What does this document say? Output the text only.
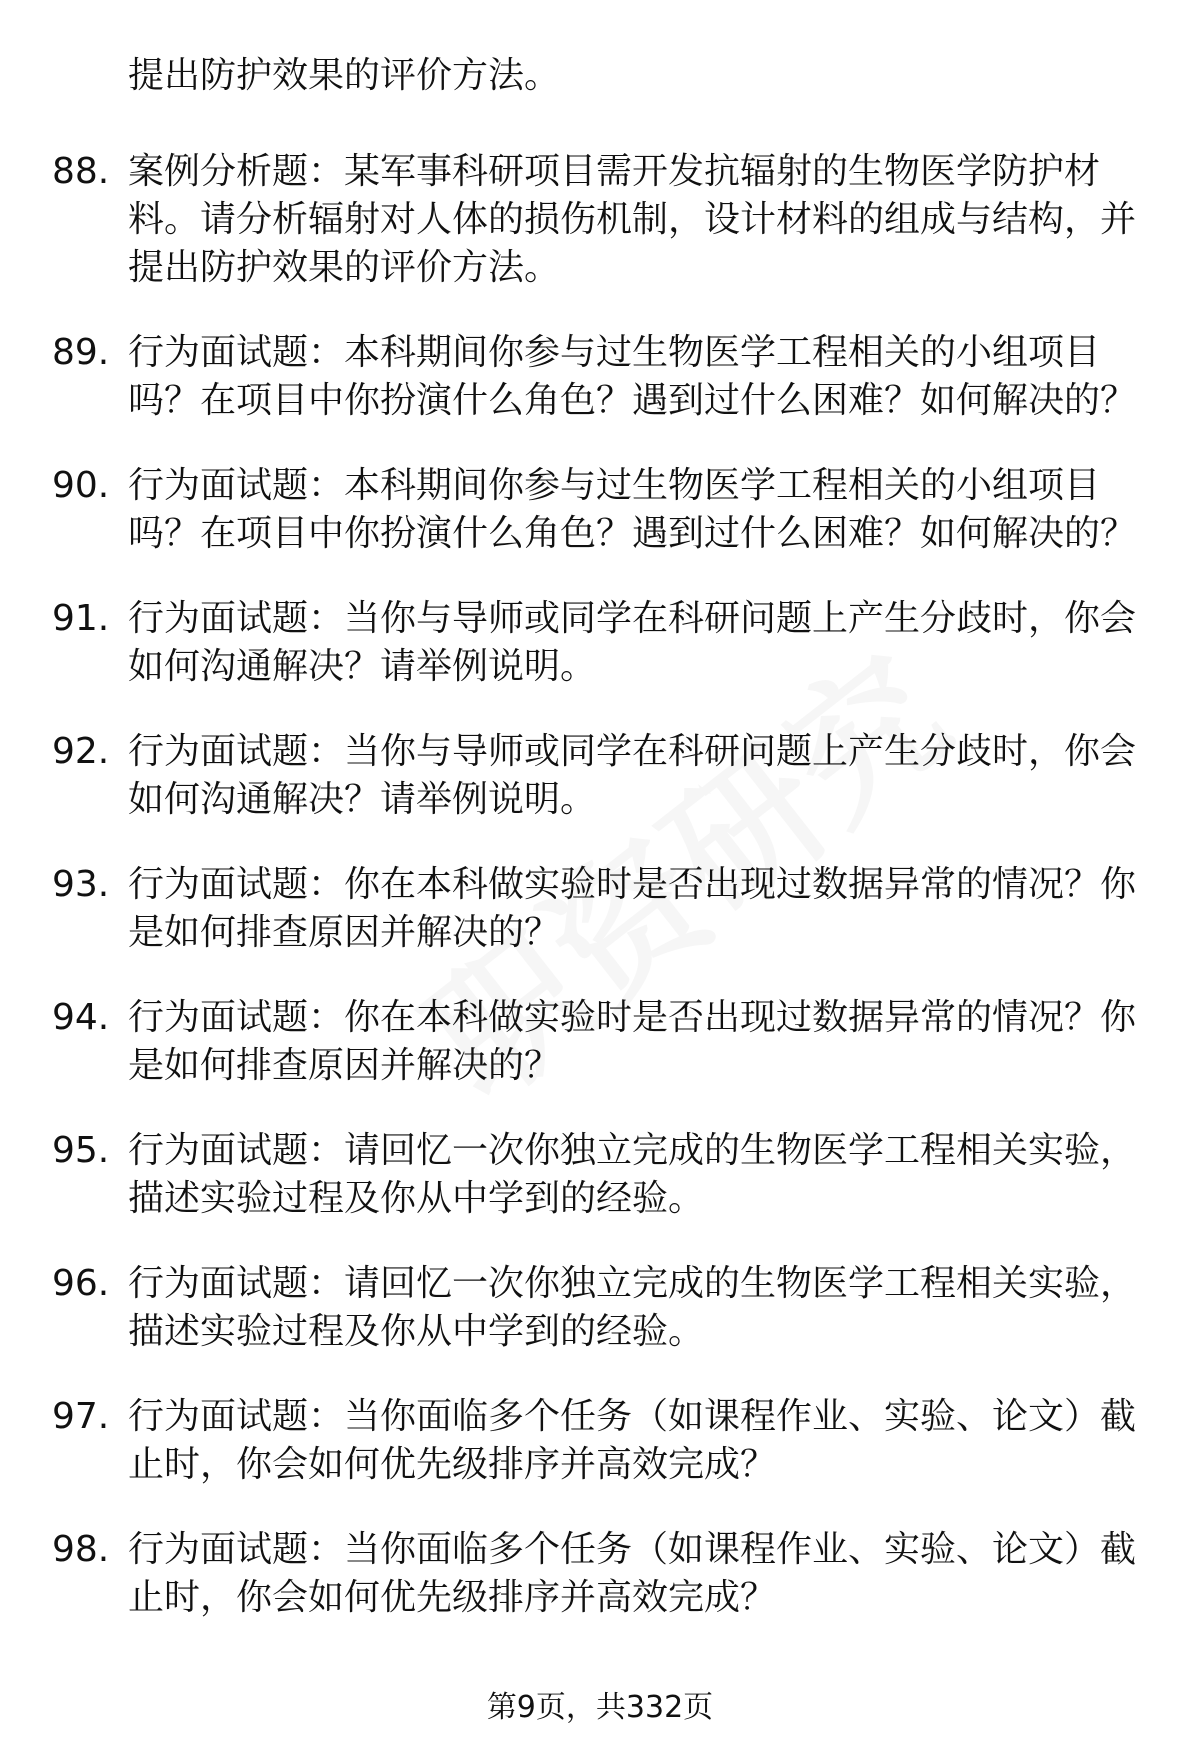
提出防护效果的评价方法。

88. 案例分析题：某军事科研项目需开发抗辐射的生物医学防护材料。请分析辐射对人体的损伤机制，设计材料的组成与结构，并提出防护效果的评价方法。
89. 行为面试题：本科期间你参与过生物医学工程相关的小组项目吗？在项目中你扮演什么角色？遇到过什么困难？如何解决的？
90. 行为面试题：本科期间你参与过生物医学工程相关的小组项目吗？在项目中你扮演什么角色？遇到过什么困难？如何解决的？
91. 行为面试题：当你与导师或同学在科研问题上产生分歧时，你会如何沟通解决？请举例说明。
92. 行为面试题：当你与导师或同学在科研问题上产生分歧时，你会如何沟通解决？请举例说明。
93. 行为面试题：你在本科做实验时是否出现过数据异常的情况？你是如何排查原因并解决的？
94. 行为面试题：你在本科做实验时是否出现过数据异常的情况？你是如何排查原因并解决的？
95. 行为面试题：请回忆一次你独立完成的生物医学工程相关实验，描述实验过程及你从中学到的经验。
96. 行为面试题：请回忆一次你独立完成的生物医学工程相关实验，描述实验过程及你从中学到的经验。
97. 行为面试题：当你面临多个任务（如课程作业、实验、论文）截止时，你会如何优先级排序并高效完成？
98. 行为面试题：当你面临多个任务（如课程作业、实验、论文）截止时，你会如何优先级排序并高效完成？
第9页，共332页
